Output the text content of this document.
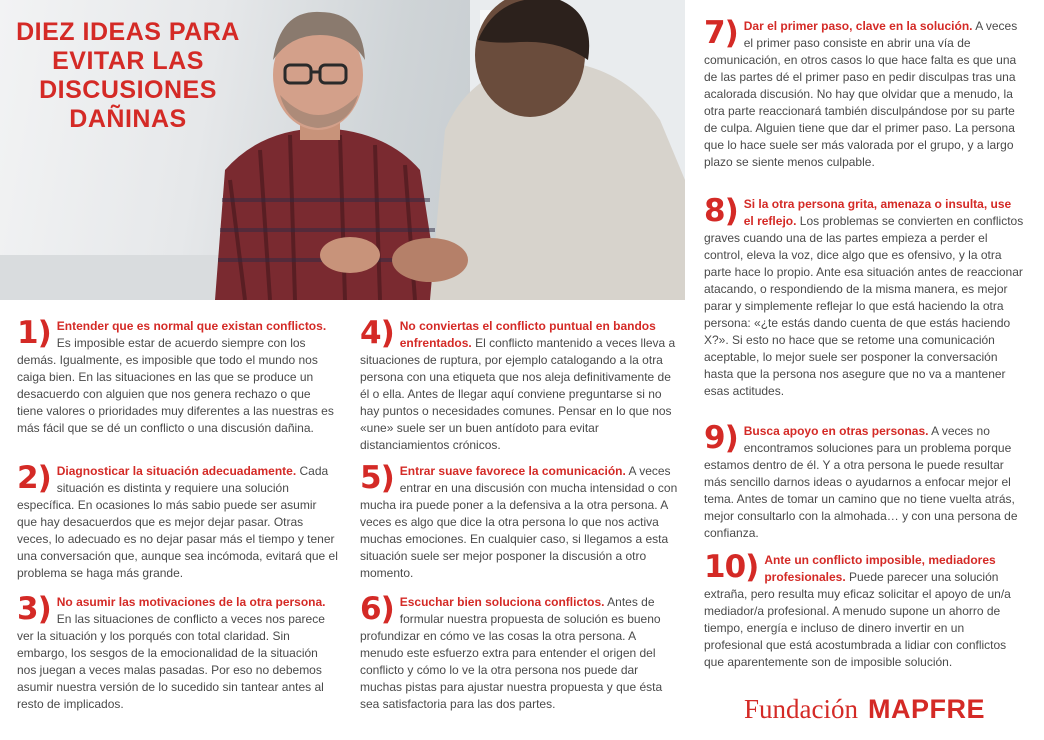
DIEZ IDEAS PARA
EVITAR LAS
DISCUSIONES
DAÑINAS
1) Entender que es normal que existan conflictos. Es imposible estar de acuerdo siempre con los demás. Igualmente, es imposible que todo el mundo nos caiga bien. En las situaciones en las que se produce un desacuerdo con alguien que nos genera rechazo o que tiene valores o prioridades muy diferentes a las nuestras es más fácil que se dé un conflicto o una discusión dañina.

2) Diagnosticar la situación adecuadamente. Cada situación es distinta y requiere una solución específica. En ocasiones lo más sabio puede ser asumir que hay desacuerdos que es mejor dejar pasar. Otras veces, lo adecuado es no dejar pasar más el tiempo y tener una conversación que, aunque sea incómoda, evitará que el problema se haga más grande.

3) No asumir las motivaciones de la otra persona. En las situaciones de conflicto a veces nos parece ver la situación y los porqués con total claridad. Sin embargo, los sesgos de la emocionalidad de la situación nos juegan a veces malas pasadas. Por eso no debemos asumir nuestra versión de lo sucedido sin tantear antes al resto de implicados.

4) No conviertas el conflicto puntual en bandos enfrentados. El conflicto mantenido a veces lleva a situaciones de ruptura, por ejemplo catalogando a la otra persona con una etiqueta que nos aleja definitivamente de él o ella. Antes de llegar aquí conviene preguntarse si no hay puntos o necesidades comunes. Pensar en lo que nos «une» suele ser un buen antídoto para evitar distanciamientos crónicos.

5) Entrar suave favorece la comunicación. A veces entrar en una discusión con mucha intensidad o con mucha ira puede poner a la defensiva a la otra persona. A veces es algo que dice la otra persona lo que nos activa muchas emociones. En cualquier caso, si llegamos a esta situación suele ser mejor posponer la discusión a otro momento.

6) Escuchar bien soluciona conflictos. Antes de formular nuestra propuesta de solución es bueno profundizar en cómo ve las cosas la otra persona. A menudo este esfuerzo extra para entender el origen del conflicto y cómo lo ve la otra persona nos puede dar muchas pistas para ajustar nuestra propuesta y que ésta sea satisfactoria para las dos partes.

7) Dar el primer paso, clave en la solución. A veces el primer paso consiste en abrir una vía de comunicación, en otros casos lo que hace falta es que una de las partes dé el primer paso en pedir disculpas tras una acalorada discusión. No hay que olvidar que a menudo, la otra parte reaccionará también disculpándose por su parte de culpa. Alguien tiene que dar el primer paso. La persona que lo hace suele ser más valorada por el grupo, y a largo plazo se siente menos culpable.

8) Si la otra persona grita, amenaza o insulta, use el reflejo. Los problemas se convierten en conflictos graves cuando una de las partes empieza a perder el control, eleva la voz, dice algo que es ofensivo, y la otra parte hace lo propio. Ante esa situación antes de reaccionar atacando, o respondiendo de la misma manera, es mejor parar y simplemente reflejar lo que está haciendo la otra persona: «¿te estás dando cuenta de que estás haciendo X?». Si esto no hace que se retome una comunicación aceptable, lo mejor suele ser posponer la conversación hasta que la persona nos asegure que no va a mantener esas actitudes.

9) Busca apoyo en otras personas. A veces no encontramos soluciones para un problema porque estamos dentro de él. Y a otra persona le puede resultar más sencillo darnos ideas o ayudarnos a enfocar mejor el tema. Antes de tomar un camino que no tiene vuelta atrás, mejor consultarlo con la almohada… y con una persona de confianza.

10) Ante un conflicto imposible, mediadores profesionales. Puede parecer una solución extraña, pero resulta muy eficaz solicitar el apoyo de un/a mediador/a profesional. A menudo supone un ahorro de tiempo, energía e incluso de dinero invertir en un profesional que está acostumbrada a lidiar con conflictos que aparentemente son de imposible solución.

Fundación MAPFRE
